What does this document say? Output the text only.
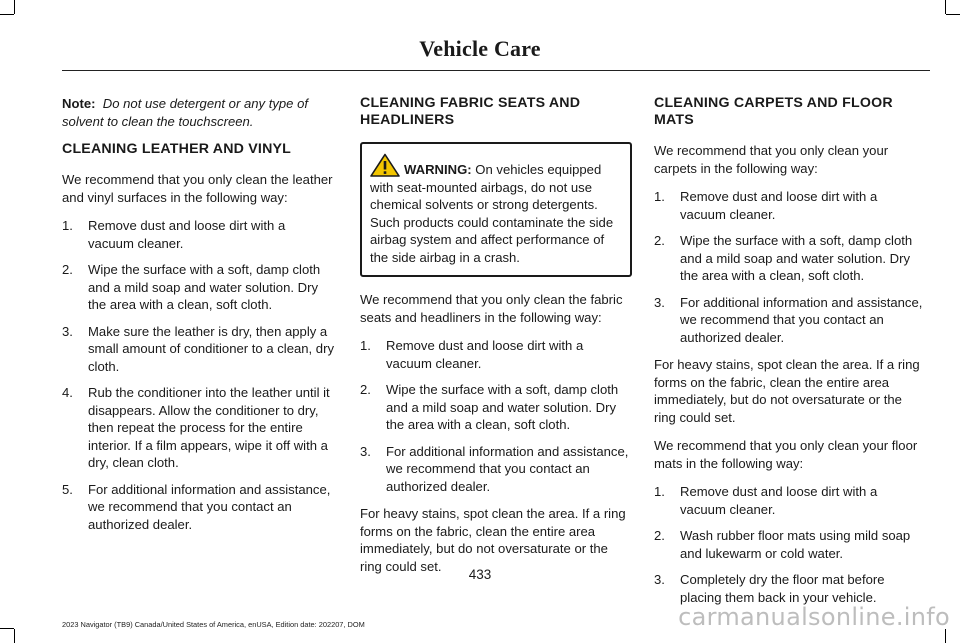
Vehicle Care

Note: Do not use detergent or any type of solvent to clean the touchscreen.

CLEANING LEATHER AND VINYL

We recommend that you only clean the leather and vinyl surfaces in the following way:

1.	Remove dust and loose dirt with a vacuum cleaner.
2.	Wipe the surface with a soft, damp cloth and a mild soap and water solution. Dry the area with a clean, soft cloth.
3.	Make sure the leather is dry, then apply a small amount of conditioner to a clean, dry cloth.
4.	Rub the conditioner into the leather until it disappears. Allow the conditioner to dry, then repeat the process for the entire interior. If a film appears, wipe it off with a dry, clean cloth.
5.	For additional information and assistance, we recommend that you contact an authorized dealer.
CLEANING FABRIC SEATS AND HEADLINERS
WARNING: On vehicles equipped with seat-mounted airbags, do not use chemical solvents or strong detergents. Such products could contaminate the side airbag system and affect performance of the side airbag in a crash.

We recommend that you only clean the fabric seats and headliners in the following way:

1.	Remove dust and loose dirt with a vacuum cleaner.
2.	Wipe the surface with a soft, damp cloth and a mild soap and water solution. Dry the area with a clean, soft cloth.
3.	For additional information and assistance, we recommend that you contact an authorized dealer.

For heavy stains, spot clean the area. If a ring forms on the fabric, clean the entire area immediately, but do not oversaturate or the ring could set.

CLEANING CARPETS AND FLOOR MATS

We recommend that you only clean your carpets in the following way:

1.	Remove dust and loose dirt with a vacuum cleaner.
2.	Wipe the surface with a soft, damp cloth and a mild soap and water solution. Dry the area with a clean, soft cloth.
3.	For additional information and assistance, we recommend that you contact an authorized dealer.

For heavy stains, spot clean the area. If a ring forms on the fabric, clean the entire area immediately, but do not oversaturate or the ring could set.

We recommend that you only clean your floor mats in the following way:

1.	Remove dust and loose dirt with a vacuum cleaner.
2.	Wash rubber floor mats using mild soap and lukewarm or cold water.
3.	Completely dry the floor mat before placing them back in your vehicle.
433
2023 Navigator (TB9) Canada/United States of America, enUSA, Edition date: 202207, DOM	carmanualsonline.info
